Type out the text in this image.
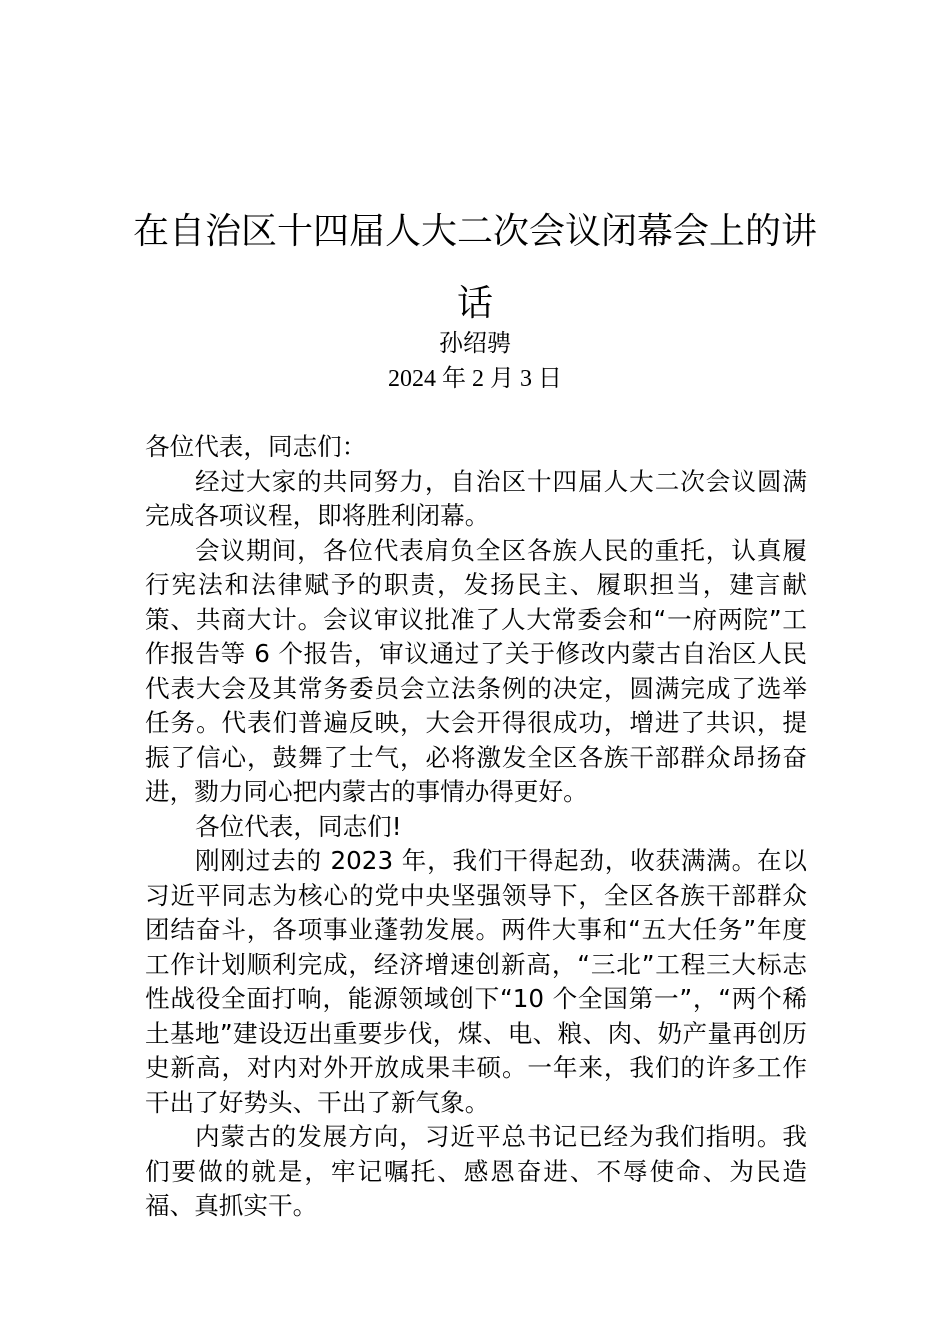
在自治区十四届人大二次会议闭幕会上的讲话
孙绍骋
2024 年 2 月 3 日

各位代表，同志们：

经过大家的共同努力，自治区十四届人大二次会议圆满完成各项议程，即将胜利闭幕。

会议期间，各位代表肩负全区各族人民的重托，认真履行宪法和法律赋予的职责，发扬民主、履职担当，建言献策、共商大计。会议审议批准了人大常委会和“一府两院”工作报告等 6 个报告，审议通过了关于修改内蒙古自治区人民代表大会及其常务委员会立法条例的决定，圆满完成了选举任务。代表们普遍反映，大会开得很成功，增进了共识，提振了信心，鼓舞了士气，必将激发全区各族干部群众昂扬奋进，勠力同心把内蒙古的事情办得更好。

各位代表，同志们!

刚刚过去的 2023 年，我们干得起劲，收获满满。在以习近平同志为核心的党中央坚强领导下，全区各族干部群众团结奋斗，各项事业蓬勃发展。两件大事和“五大任务”年度工作计划顺利完成，经济增速创新高，“三北”工程三大标志性战役全面打响，能源领域创下“10 个全国第一”，“两个稀土基地”建设迈出重要步伐，煤、电、粮、肉、奶产量再创历史新高，对内对外开放成果丰硕。一年来，我们的许多工作干出了好势头、干出了新气象。

内蒙古的发展方向，习近平总书记已经为我们指明。我们要做的就是，牢记嘱托、感恩奋进、不辱使命、为民造福、真抓实干。
